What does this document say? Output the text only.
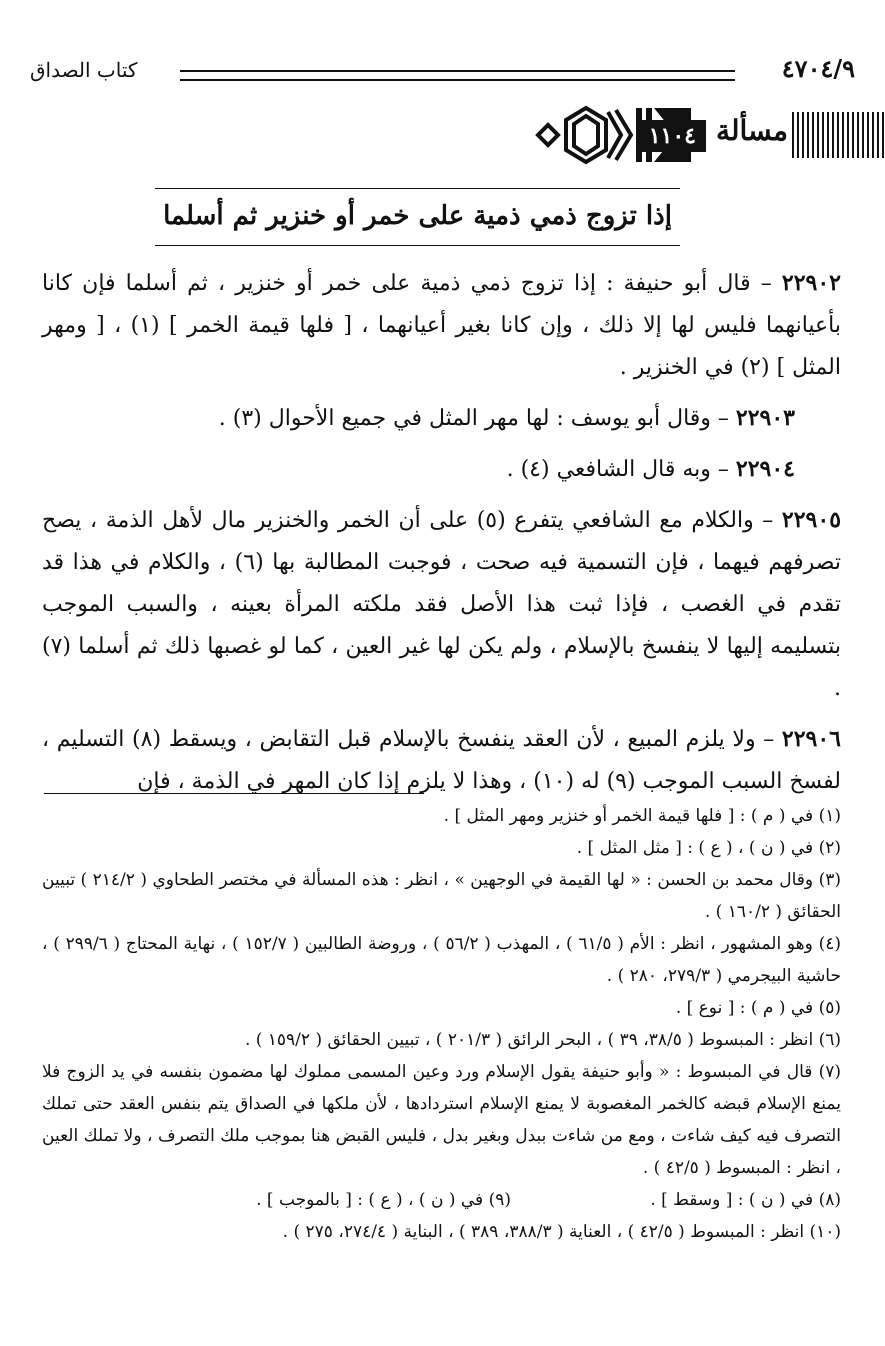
٤٧٠٤/٩
كتاب الصداق
١١٠٤ مسألة
إذا تزوج ذمي ذمية على خمر أو خنزير ثم أسلما

٢٢٩٠٢ – قال أبو حنيفة : إذا تزوج ذمي ذمية على خمر أو خنزير ، ثم أسلما فإن كانا بأعيانهما فليس لها إلا ذلك ، وإن كانا بغير أعيانهما ، [ فلها قيمة الخمر ] (١) ، [ ومهر المثل ] (٢) في الخنزير .

٢٢٩٠٣ – وقال أبو يوسف : لها مهر المثل في جميع الأحوال (٣) .

٢٢٩٠٤ – وبه قال الشافعي (٤) .

٢٢٩٠٥ – والكلام مع الشافعي يتفرع (٥) على أن الخمر والخنزير مال لأهل الذمة ، يصح تصرفهم فيهما ، فإن التسمية فيه صحت ، فوجبت المطالبة بها (٦) ، والكلام في هذا قد تقدم في الغصب ، فإذا ثبت هذا الأصل فقد ملكته المرأة بعينه ، والسبب الموجب بتسليمه إليها لا ينفسخ بالإسلام ، ولم يكن لها غير العين ، كما لو غصبها ذلك ثم أسلما (٧) .

٢٢٩٠٦ – ولا يلزم المبيع ، لأن العقد ينفسخ بالإسلام قبل التقابض ، ويسقط (٨) التسليم ، لفسخ السبب الموجب (٩) له (١٠) ، وهذا لا يلزم إذا كان المهر في الذمة ، فإن

(١) في ( م ) : [ فلها قيمة الخمر أو خنزير ومهر المثل ] .

(٢) في ( ن ) ، ( ع ) : [ مثل المثل ] .

(٣) وقال محمد بن الحسن : « لها القيمة في الوجهين » ، انظر : هذه المسألة في مختصر الطحاوي ( ٢١٤/٢ ) تبيين الحقائق ( ١٦٠/٢ ) .

(٤) وهو المشهور ، انظر : الأم ( ٦١/٥ ) ، المهذب ( ٥٦/٢ ) ، وروضة الطالبين ( ١٥٢/٧ ) ، نهاية المحتاج ( ٢٩٩/٦ ) ، حاشية البيجرمي ( ٢٧٩/٣، ٢٨٠ ) .

(٥) في ( م ) : [ نوع ] .

(٦) انظر : المبسوط ( ٣٨/٥، ٣٩ ) ، البحر الرائق ( ٢٠١/٣ ) ، تبيين الحقائق ( ١٥٩/٢ ) .

(٧) قال في المبسوط : « وأبو حنيفة يقول الإسلام ورد وعين المسمى مملوك لها مضمون بنفسه في يد الزوج فلا يمنع الإسلام قبضه كالخمر المغصوبة لا يمنع الإسلام استردادها ، لأن ملكها في الصداق يتم بنفس العقد حتى تملك التصرف فيه كيف شاءت ، ومع من شاءت ببدل وبغير بدل ، فليس القبض هنا بموجب ملك التصرف ، ولا تملك العين ، انظر : المبسوط ( ٤٢/٥ ) .

(٨) في ( ن ) : [ وسقط ] .
(٩) في ( ن ) ، ( ع ) : [ بالموجب ] .

(١٠) انظر : المبسوط ( ٤٢/٥ ) ، العناية ( ٣٨٨/٣، ٣٨٩ ) ، البناية ( ٢٧٤/٤، ٢٧٥ ) .
